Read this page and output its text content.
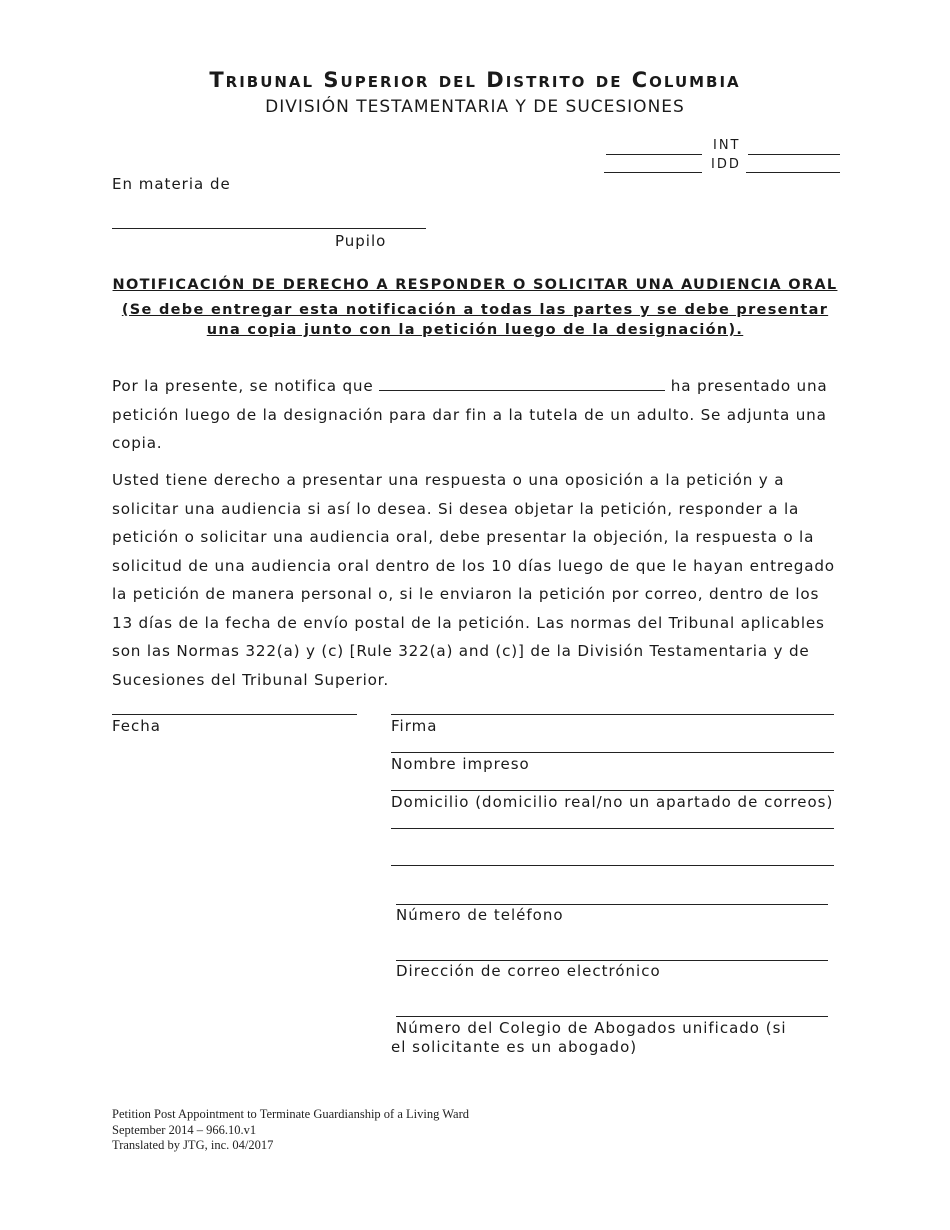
Tribunal Superior del Distrito de Columbia
DIVISIÓN TESTAMENTARIA Y DE SUCESIONES
INT
IDD
En materia de
Pupilo
NOTIFICACIÓN DE DERECHO A RESPONDER O SOLICITAR UNA AUDIENCIA ORAL
(Se debe entregar esta notificación a todas las partes y se debe presentar una copia junto con la petición luego de la designación).
Por la presente, se notifica que	ha presentado una petición luego de la designación para dar fin a la tutela de un adulto. Se adjunta una copia.
Usted tiene derecho a presentar una respuesta o una oposición a la petición y a solicitar una audiencia si así lo desea. Si desea objetar la petición, responder a la petición o solicitar una audiencia oral, debe presentar la objeción, la respuesta o la solicitud de una audiencia oral dentro de los 10 días luego de que le hayan entregado la petición de manera personal o, si le enviaron la petición por correo, dentro de los 13 días de la fecha de envío postal de la petición. Las normas del Tribunal aplicables son las Normas 322(a) y (c) [Rule 322(a) and (c)] de la División Testamentaria y de Sucesiones del Tribunal Superior.
Fecha	Firma
Nombre impreso
Domicilio (domicilio real/no un apartado de correos)
Número de teléfono
Dirección de correo electrónico
Número del Colegio de Abogados unificado (si el solicitante es un abogado)
Petition Post Appointment to Terminate Guardianship of a Living Ward
September 2014 – 966.10.v1
Translated by JTG, inc. 04/2017
